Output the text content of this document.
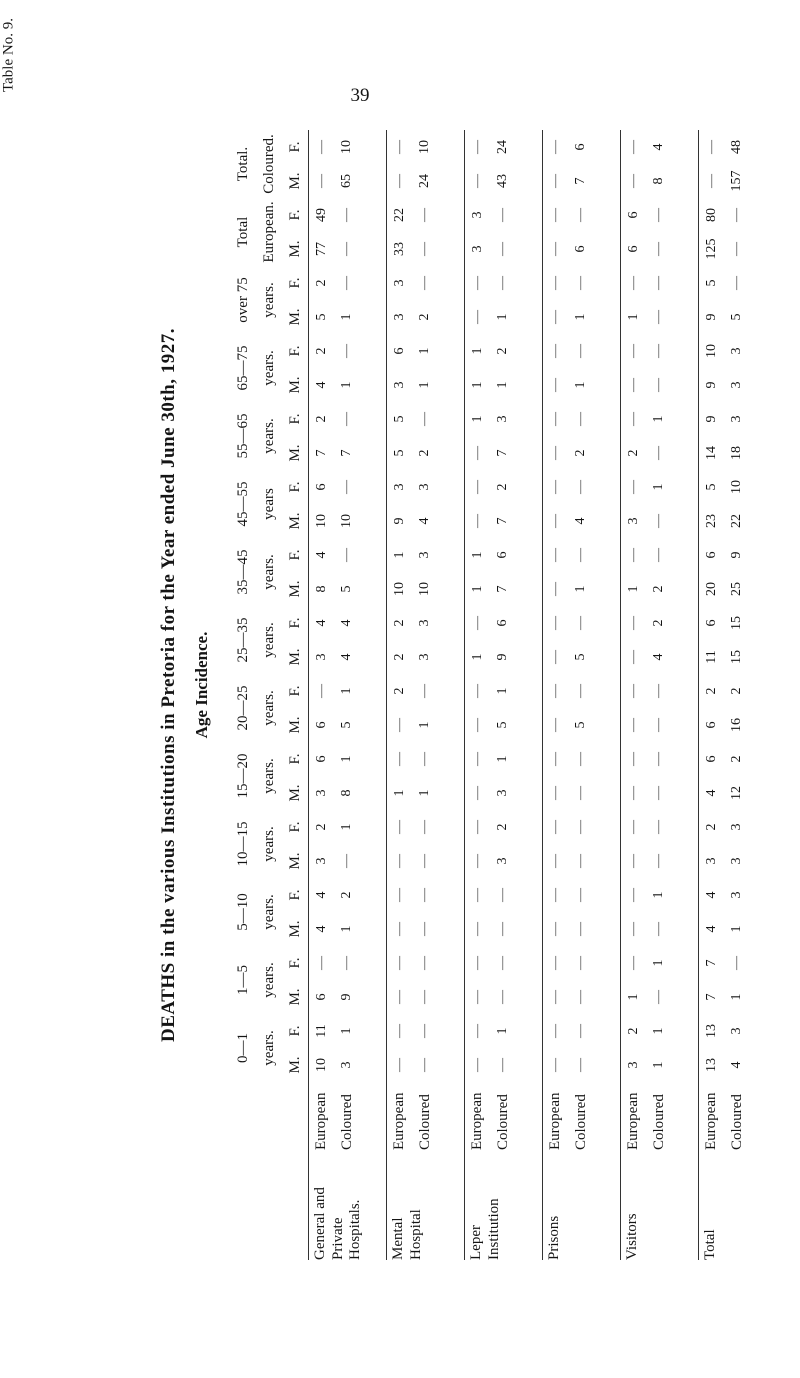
Table No. 9.
39
DEATHS in the various Institutions in Pretoria for the Year ended June 30th, 1927. Age Incidence.
0—1 years. M.
F.
1—5 years. M.
F.
5—10 years. M.
F.
10—15 years. M.
F.
15—20 years. M.
F.
20—25 years. M.
F.
25—35 years. M.
F.
35—45 years. M.
F.
45—55 years
M.
F.
55—65 years. M.
F.
65—75 years. M.
F.
over 75 years. M.
F.
Total European. M.
F.
Total. Coloured. M.
F.
European
10
11
6
—
4
4
3
2
3
6
6
—
3
4
8
4
10
6
7
2
4
2
5
2
77
49
—
—
Coloured
3
1
9
—
1
2
—
1
8
1
5
1
4
4
5
—
10
—
7
—
1
—
1
—
—
—
65
10
General and Private Hospitals.
European
—
—
—
—
—
—
—
—
1
—
—
2
2
2
10
1
9
3
5
5
3
6
3
3
33
22
—
—
Coloured
—
—
—
—
—
—
—
—
1
—
1
—
3
3
10
3
4
3
2
—
1
1
2
—
—
—
24
10
Mental Hospital
European
—
—
—
—
—
—
—
—
—
—
—
—
1
—
1
1
—
—
—
1
1
1
—
—
3
3
—
—
Coloured
—
1
—
—
—
—
3
2
3
1
5
1
9
6
7
6
7
2
7
3
1
2
1
—
—
—
43
24
Leper Institution
European
—
—
—
—
—
—
—
—
—
—
—
—
—
—
—
—
—
—
—
—
—
—
—
—
—
—
—
—
Coloured
—
—
—
—
—
—
—
—
—
—
5
—
5
—
1
—
4
—
2
—
1
—
1
—
6
—
7
6
Prisons
European
3
2
1
—
—
—
—
—
—
—
—
—
—
—
1
—
3
—
2
—
—
—
1
—
6
6
—
—
Coloured
1
1
—
1
—
1
—
—
—
—
—
—
4
2
2
—
—
1
—
1
—
—
—
—
—
—
8
4
Visitors
European
13
13
7
7
4
4
3
2
4
6
6
2
11
6
20
6
23
5
14
9
9
10
9
5
125
80
—
—
Coloured
4
3
1
—
1
3
3
3
12
2
16
2
15
15
25
9
22
10
18
3
3
3
5
—
—
—
157
48
Total
